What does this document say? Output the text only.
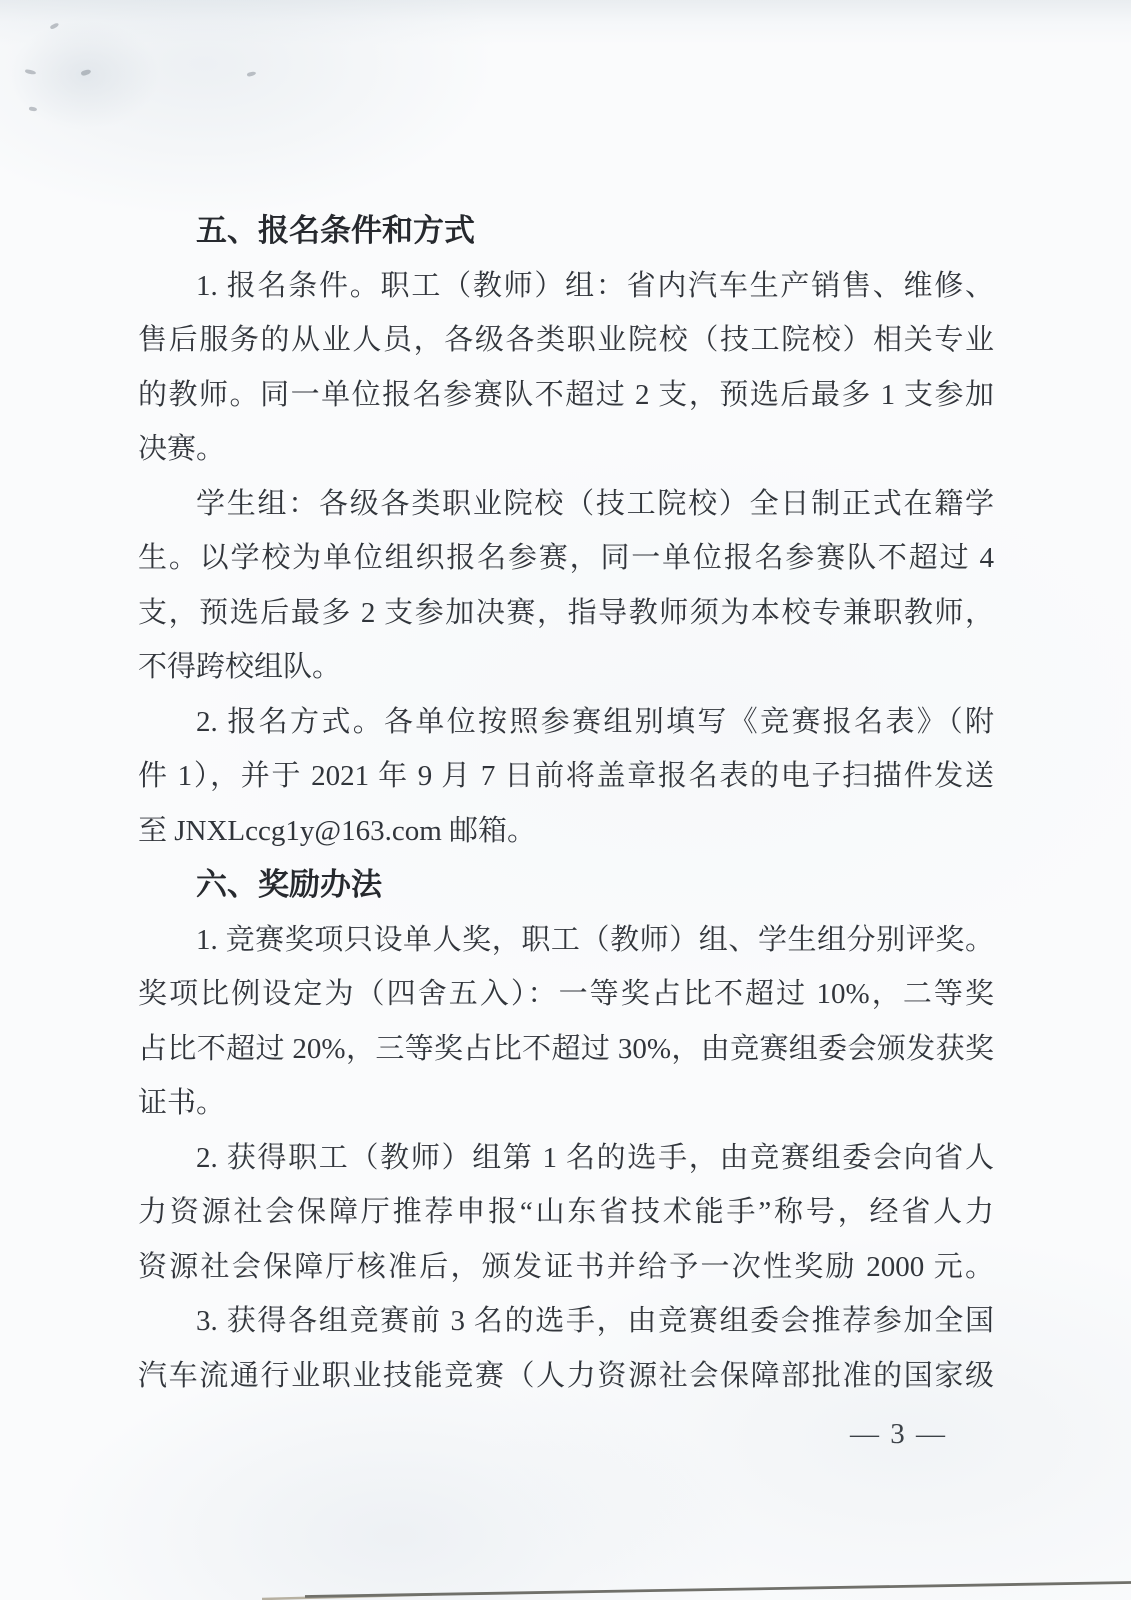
五、报名条件和方式
1. 报名条件。职工（教师）组：省内汽车生产销售、维修、
售后服务的从业人员，各级各类职业院校（技工院校）相关专业
的教师。同一单位报名参赛队不超过 2 支，预选后最多 1 支参加
决赛。
学生组：各级各类职业院校（技工院校）全日制正式在籍学
生。以学校为单位组织报名参赛，同一单位报名参赛队不超过 4
支，预选后最多 2 支参加决赛，指导教师须为本校专兼职教师，
不得跨校组队。
2. 报名方式。各单位按照参赛组别填写《竞赛报名表》（附
件 1），并于 2021 年 9 月 7 日前将盖章报名表的电子扫描件发送
至 JNXLccg1y@163.com 邮箱。
六、奖励办法
1. 竞赛奖项只设单人奖，职工（教师）组、学生组分别评奖。
奖项比例设定为（四舍五入）：一等奖占比不超过 10%，二等奖
占比不超过 20%，三等奖占比不超过 30%，由竞赛组委会颁发获奖
证书。
2. 获得职工（教师）组第 1 名的选手，由竞赛组委会向省人
力资源社会保障厅推荐申报“山东省技术能手”称号，经省人力
资源社会保障厅核准后，颁发证书并给予一次性奖励 2000 元。
3. 获得各组竞赛前 3 名的选手，由竞赛组委会推荐参加全国
汽车流通行业职业技能竞赛（人力资源社会保障部批准的国家级
— 3 —
